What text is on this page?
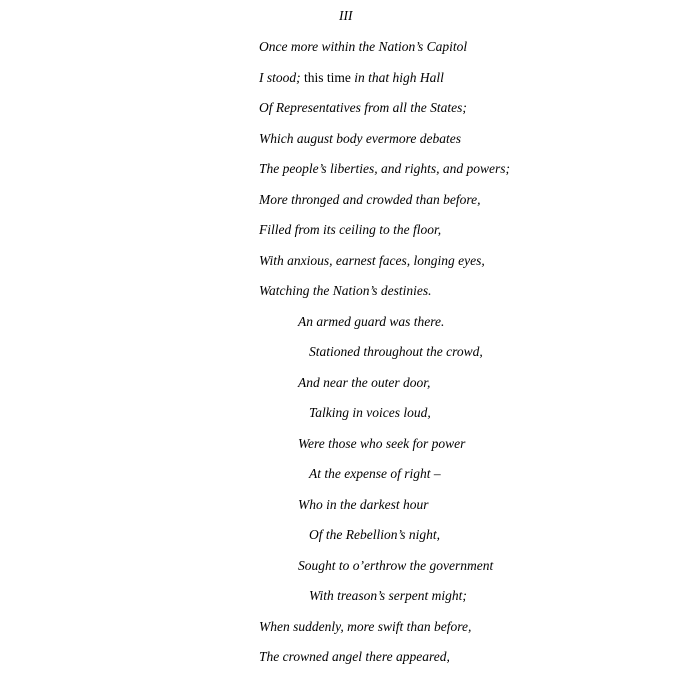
III
Once more within the Nation’s Capitol
I stood; this time in that high Hall
Of Representatives from all the States;
Which august body evermore debates
The people’s liberties, and rights, and powers;
More thronged and crowded than before,
Filled from its ceiling to the floor,
With anxious, earnest faces, longing eyes,
Watching the Nation’s destinies.
An armed guard was there.
Stationed throughout the crowd,
And near the outer door,
Talking in voices loud,
Were those who seek for power
At the expense of right –
Who in the darkest hour
Of the Rebellion’s night,
Sought to o’erthrow the government
With treason’s serpent might;
When suddenly, more swift than before,
The crowned angel there appeared,
